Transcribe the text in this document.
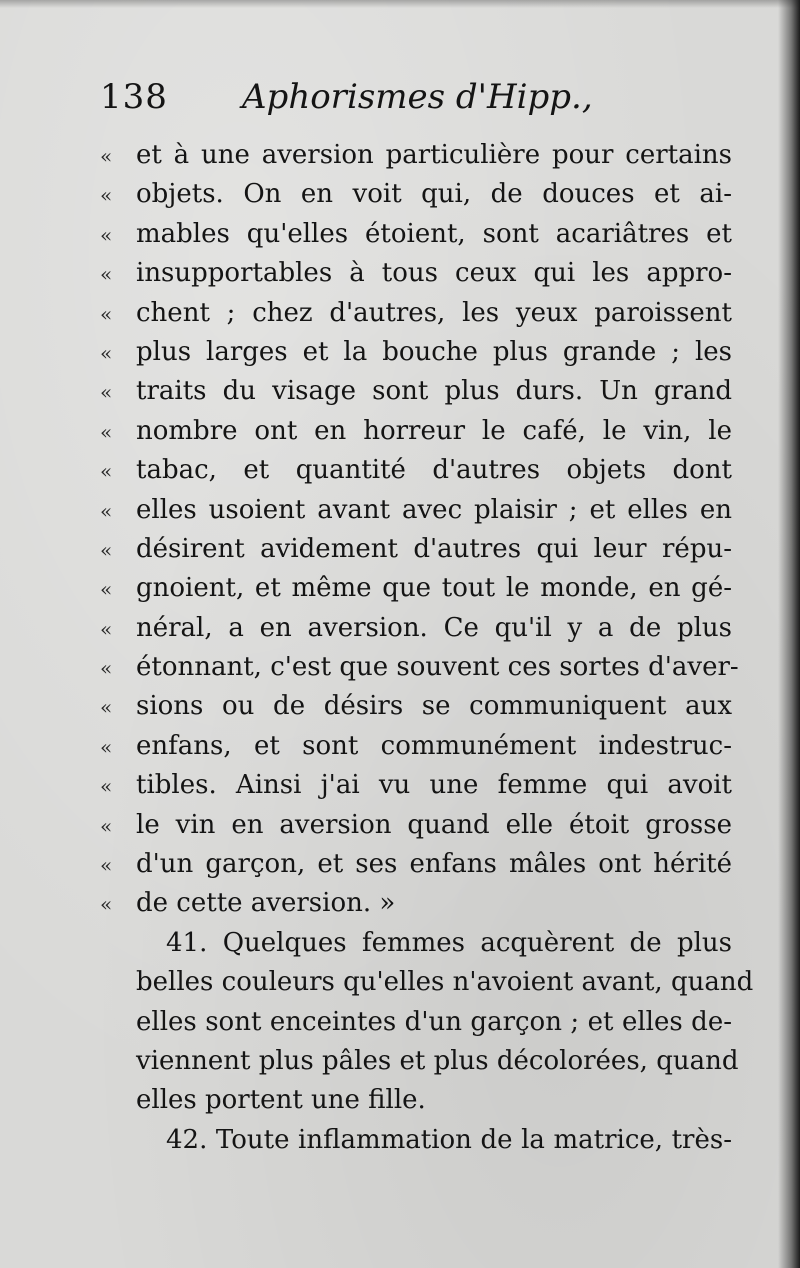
138 Aphorismes d'Hipp.,
« et à une aversion particulière pour certains
« objets. On en voit qui, de douces et ai-
« mables qu'elles étoient, sont acariâtres et
« insupportables à tous ceux qui les appro-
« chent ; chez d'autres, les yeux paroissent
« plus larges et la bouche plus grande ; les
« traits du visage sont plus durs. Un grand
« nombre ont en horreur le café, le vin, le
« tabac, et quantité d'autres objets dont
« elles usoient avant avec plaisir ; et elles en
« désirent avidement d'autres qui leur répu-
« gnoient, et même que tout le monde, en gé-
« néral, a en aversion. Ce qu'il y a de plus
« étonnant, c'est que souvent ces sortes d'aver-
« sions ou de désirs se communiquent aux
« enfans, et sont communément indestruc-
« tibles. Ainsi j'ai vu une femme qui avoit
« le vin en aversion quand elle étoit grosse
« d'un garçon, et ses enfans mâles ont hérité
« de cette aversion. »
41. Quelques femmes acquèrent de plus
belles couleurs qu'elles n'avoient avant, quand
elles sont enceintes d'un garçon ; et elles de-
viennent plus pâles et plus décolorées, quand
elles portent une fille.
42. Toute inflammation de la matrice, très-
